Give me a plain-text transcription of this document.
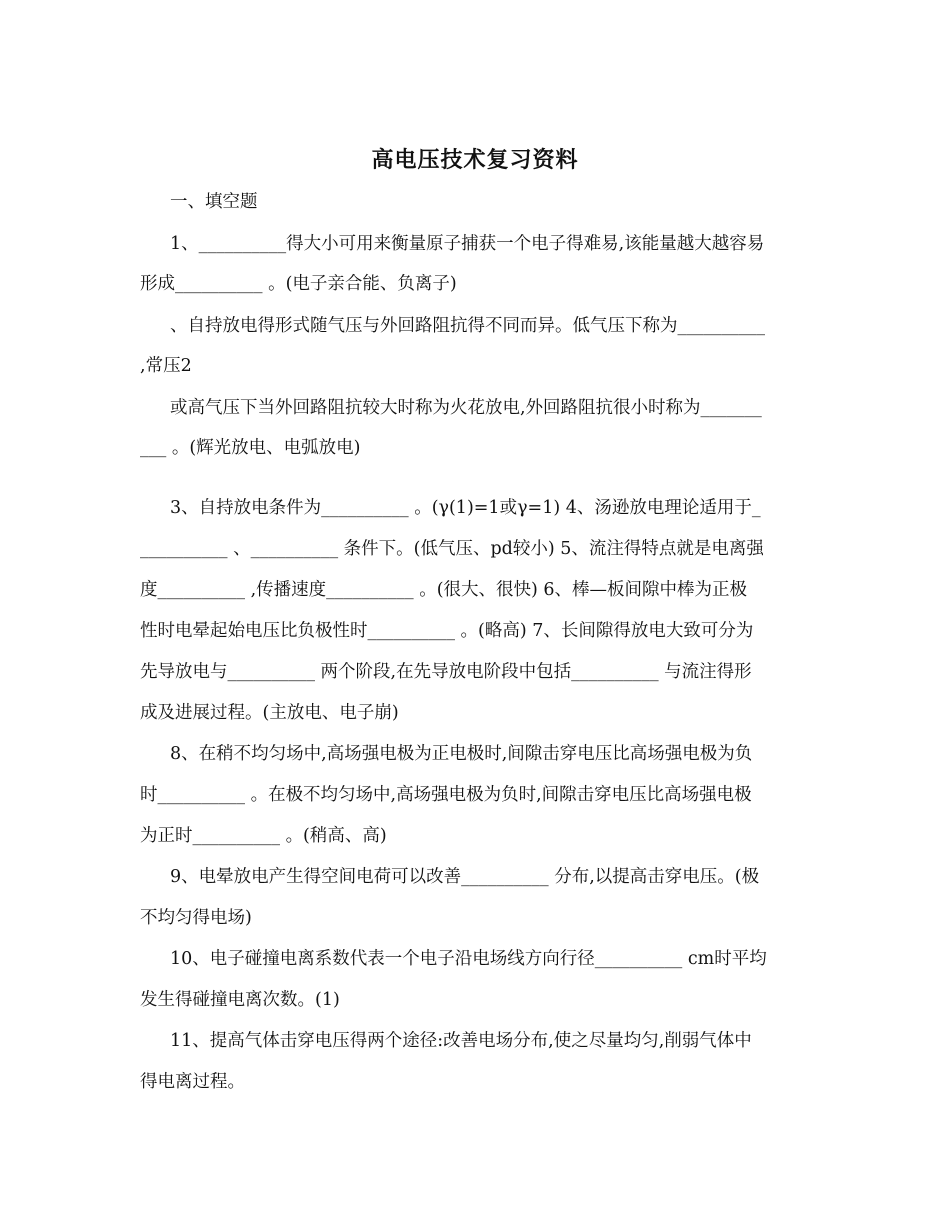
高电压技术复习资料
一、填空题
1、__________得大小可用来衡量原子捕获一个电子得难易,该能量越大越容易
形成__________ 。(电子亲合能、负离子)
、自持放电得形式随气压与外回路阻抗得不同而异。低气压下称为__________
,常压2
或高气压下当外回路阻抗较大时称为火花放电,外回路阻抗很小时称为_______
___ 。(辉光放电、电弧放电)
3、自持放电条件为__________ 。(γ(1)=1或γ=1) 4、汤逊放电理论适用于_
__________ 、__________ 条件下。(低气压、pd较小) 5、流注得特点就是电离强
度__________ ,传播速度__________ 。(很大、很快) 6、棒—板间隙中棒为正极
性时电晕起始电压比负极性时__________ 。(略高) 7、长间隙得放电大致可分为
先导放电与__________ 两个阶段,在先导放电阶段中包括__________ 与流注得形
成及进展过程。(主放电、电子崩)
8、在稍不均匀场中,高场强电极为正电极时,间隙击穿电压比高场强电极为负
时__________ 。在极不均匀场中,高场强电极为负时,间隙击穿电压比高场强电极
为正时__________ 。(稍高、高)
9、电晕放电产生得空间电荷可以改善__________ 分布,以提高击穿电压。(极
不均匀得电场)
10、电子碰撞电离系数代表一个电子沿电场线方向行径__________ cm时平均
发生得碰撞电离次数。(1)
11、提高气体击穿电压得两个途径:改善电场分布,使之尽量均匀,削弱气体中
得电离过程。
